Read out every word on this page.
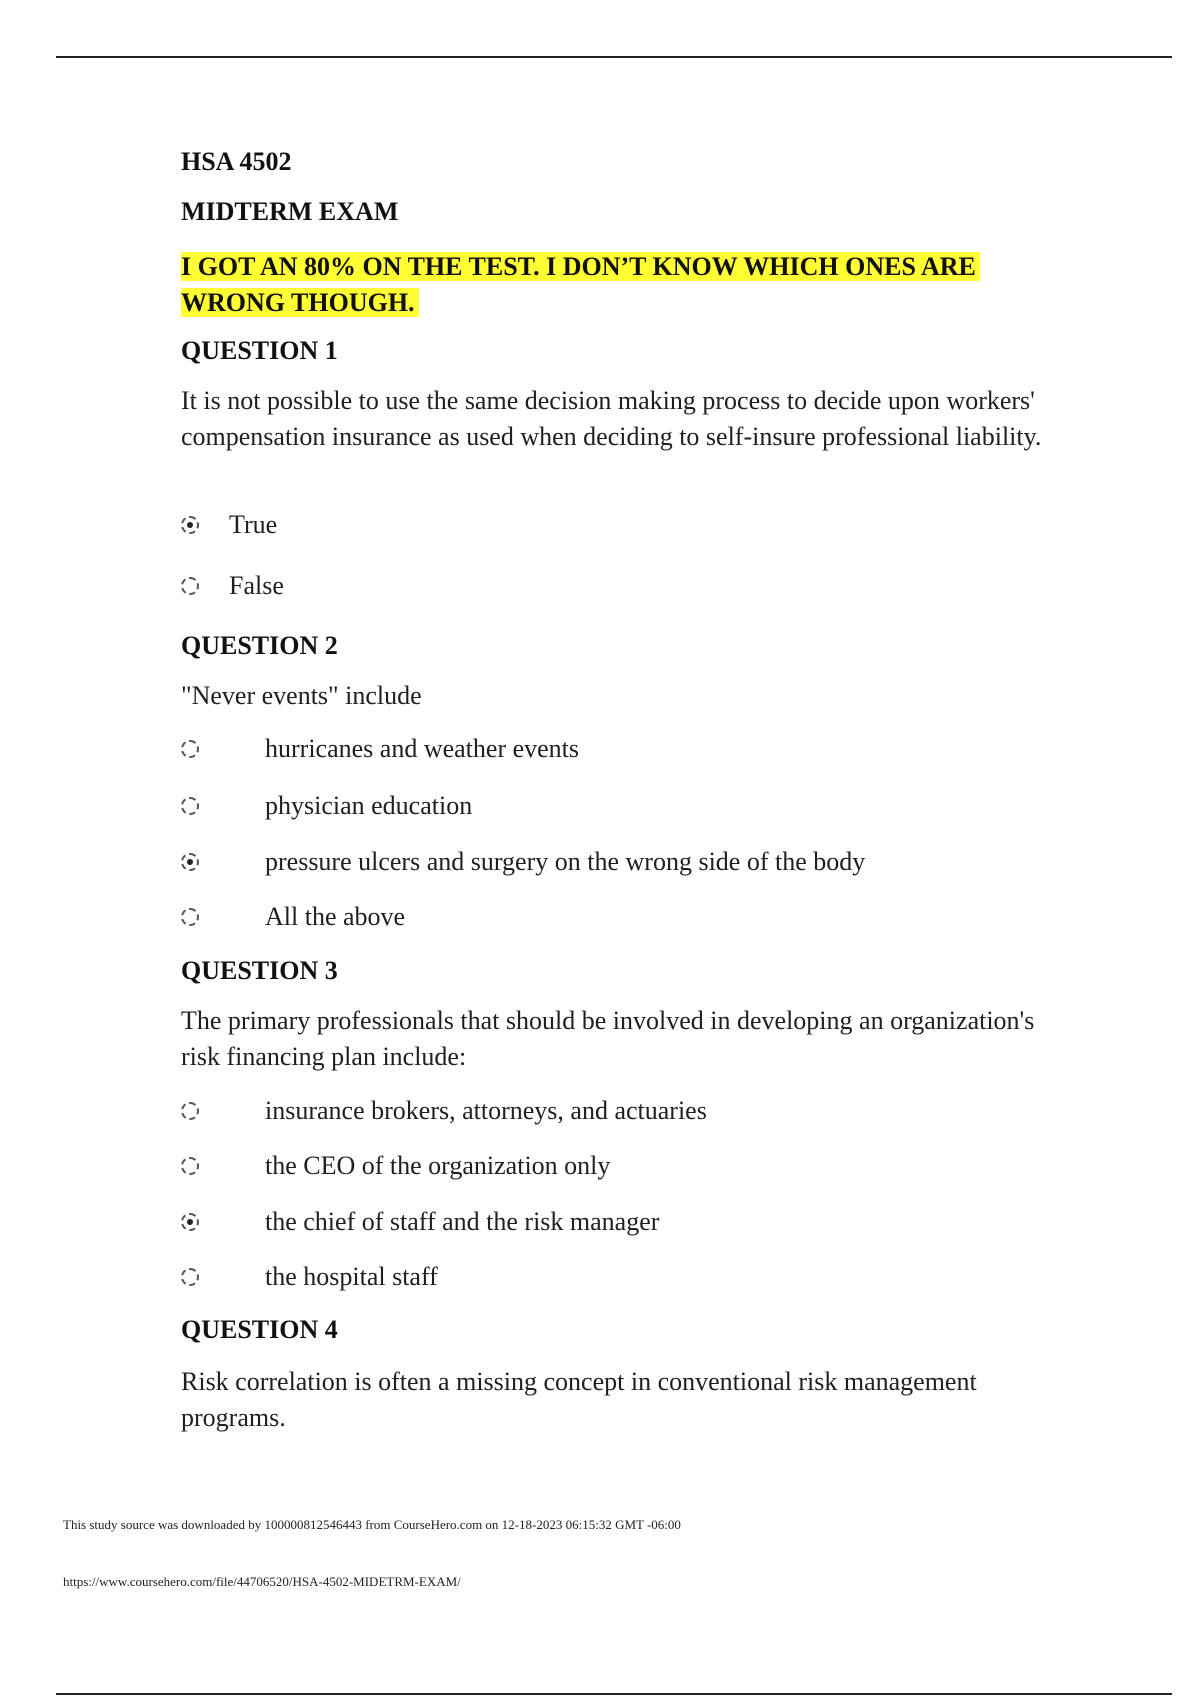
HSA 4502
MIDTERM EXAM
I GOT AN 80% ON THE TEST. I DON’T KNOW WHICH ONES ARE WRONG THOUGH.
QUESTION 1
It is not possible to use the same decision making process to decide upon workers' compensation insurance as used when deciding to self-insure professional liability.
True
False
QUESTION 2
"Never events" include
hurricanes and weather events
physician education
pressure ulcers and surgery on the wrong side of the body
All the above
QUESTION 3
The primary professionals that should be involved in developing an organization's risk financing plan include:
insurance brokers, attorneys, and actuaries
the CEO of the organization only
the chief of staff and the risk manager
the hospital staff
QUESTION 4
Risk correlation is often a missing concept in conventional risk management programs.
This study source was downloaded by 100000812546443 from CourseHero.com on 12-18-2023 06:15:32 GMT -06:00
https://www.coursehero.com/file/44706520/HSA-4502-MIDETRM-EXAM/
